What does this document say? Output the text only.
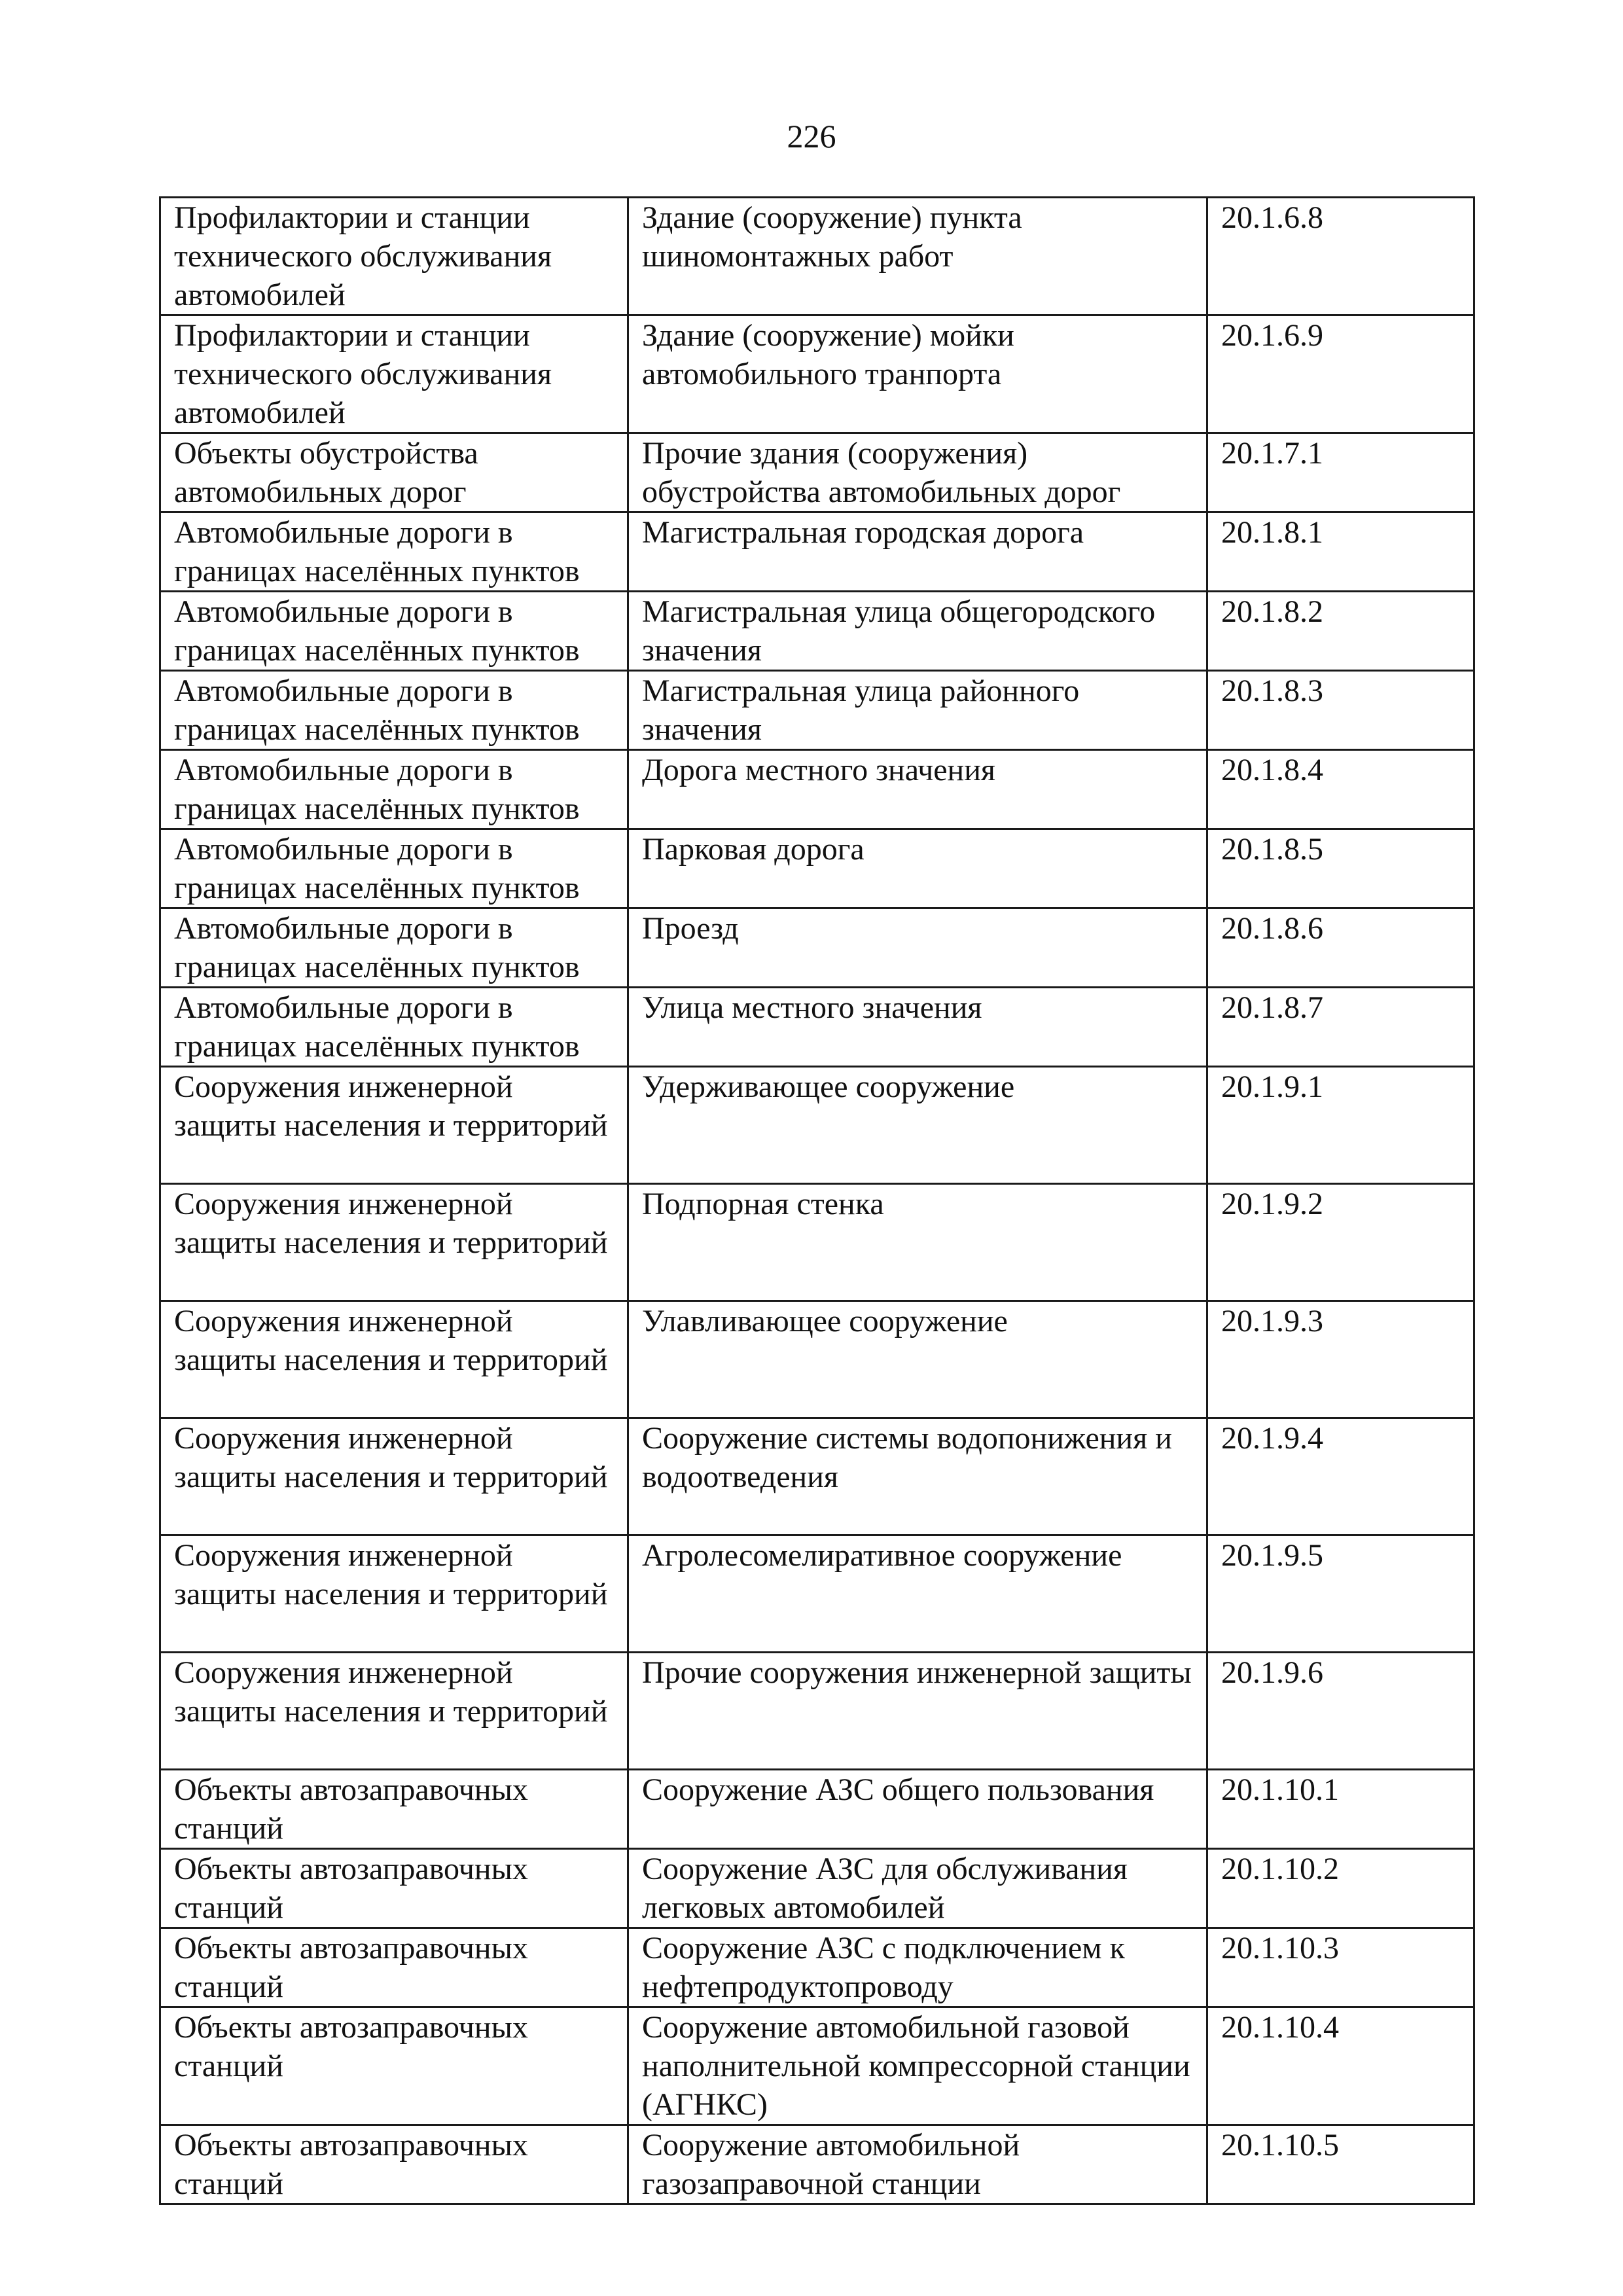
226
Профилактории и станции технического обслуживания автомобилей	Здание (сооружение) пункта шиномонтажных работ	20.1.6.8
Профилактории и станции технического обслуживания автомобилей	Здание (сооружение) мойки автомобильного транпорта	20.1.6.9
Объекты обустройства автомобильных дорог	Прочие здания (сооружения) обустройства автомобильных дорог	20.1.7.1
Автомобильные дороги в границах населённых пунктов	Магистральная городская дорога	20.1.8.1
Автомобильные дороги в границах населённых пунктов	Магистральная улица общегородского значения	20.1.8.2
Автомобильные дороги в границах населённых пунктов	Магистральная улица районного значения	20.1.8.3
Автомобильные дороги в границах населённых пунктов	Дорога местного значения	20.1.8.4
Автомобильные дороги в границах населённых пунктов	Парковая дорога	20.1.8.5
Автомобильные дороги в границах населённых пунктов	Проезд	20.1.8.6
Автомобильные дороги в границах населённых пунктов	Улица местного значения	20.1.8.7
Сооружения инженерной защиты населения и территорий	Удерживающее сооружение	20.1.9.1
Сооружения инженерной защиты населения и территорий	Подпорная стенка	20.1.9.2
Сооружения инженерной защиты населения и территорий	Улавливающее сооружение	20.1.9.3
Сооружения инженерной защиты населения и территорий	Сооружение системы водопонижения и водоотведения	20.1.9.4
Сооружения инженерной защиты населения и территорий	Агролесомелиративное сооружение	20.1.9.5
Сооружения инженерной защиты населения и территорий	Прочие сооружения инженерной защиты	20.1.9.6
Объекты автозаправочных станций	Сооружение АЗС общего пользования	20.1.10.1
Объекты автозаправочных станций	Сооружение АЗС для обслуживания легковых автомобилей	20.1.10.2
Объекты автозаправочных станций	Сооружение АЗС с подключением к нефтепродуктопроводу	20.1.10.3
Объекты автозаправочных станций	Сооружение автомобильной газовой наполнительной компрессорной станции (АГНКС)	20.1.10.4
Объекты автозаправочных станций	Сооружение автомобильной газозаправочной станции	20.1.10.5
